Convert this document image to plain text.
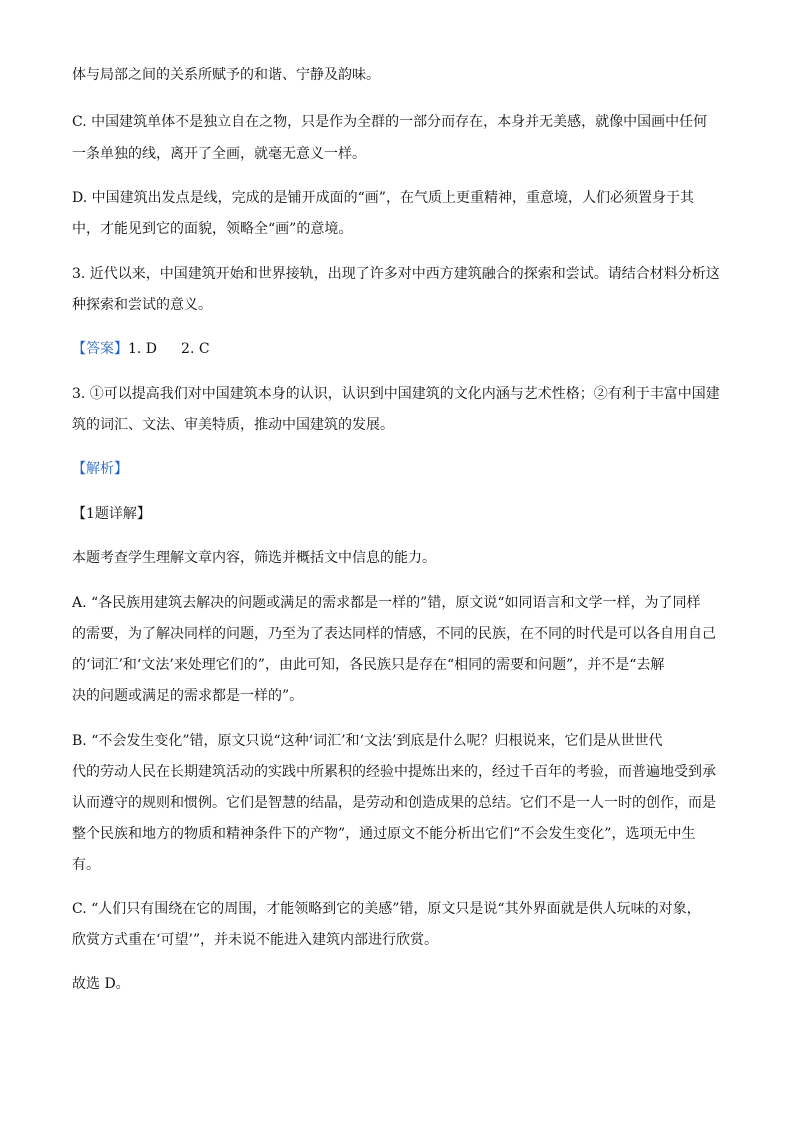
体与局部之间的关系所赋予的和谐、宁静及韵味。
C. 中国建筑单体不是独立自在之物，只是作为全群的一部分而存在，本身并无美感，就像中国画中任何
一条单独的线，离开了全画，就毫无意义一样。
D. 中国建筑出发点是线，完成的是铺开成面的“画”，在气质上更重精神，重意境，人们必须置身于其
中，才能见到它的面貌，领略全“画”的意境。
3. 近代以来，中国建筑开始和世界接轨，出现了许多对中西方建筑融合的探索和尝试。请结合材料分析这
种探索和尝试的意义。
【答案】1. D 2. C
3. ①可以提高我们对中国建筑本身的认识，认识到中国建筑的文化内涵与艺术性格；②有利于丰富中国建
筑的词汇、文法、审美特质，推动中国建筑的发展。
【解析】
【1题详解】
本题考查学生理解文章内容，筛选并概括文中信息的能力。
A. “各民族用建筑去解决的问题或满足的需求都是一样的”错，原文说“如同语言和文学一样，为了同样
的需要，为了解决同样的问题，乃至为了表达同样的情感，不同的民族，在不同的时代是可以各自用自己
的‘词汇’和‘文法’来处理它们的”，由此可知，各民族只是存在“相同的需要和问题”，并不是“去解
决的问题或满足的需求都是一样的”。
B. “不会发生变化”错，原文只说“这种‘词汇’和‘文法’到底是什么呢？归根说来，它们是从世世代
代的劳动人民在长期建筑活动的实践中所累积的经验中提炼出来的，经过千百年的考验，而普遍地受到承
认而遵守的规则和惯例。它们是智慧的结晶，是劳动和创造成果的总结。它们不是一人一时的创作，而是
整个民族和地方的物质和精神条件下的产物”，通过原文不能分析出它们“不会发生变化”，选项无中生
有。
C. “人们只有围绕在它的周围，才能领略到它的美感”错，原文只是说“其外界面就是供人玩味的对象，
欣赏方式重在‘可望’”，并未说不能进入建筑内部进行欣赏。
故选 D。
